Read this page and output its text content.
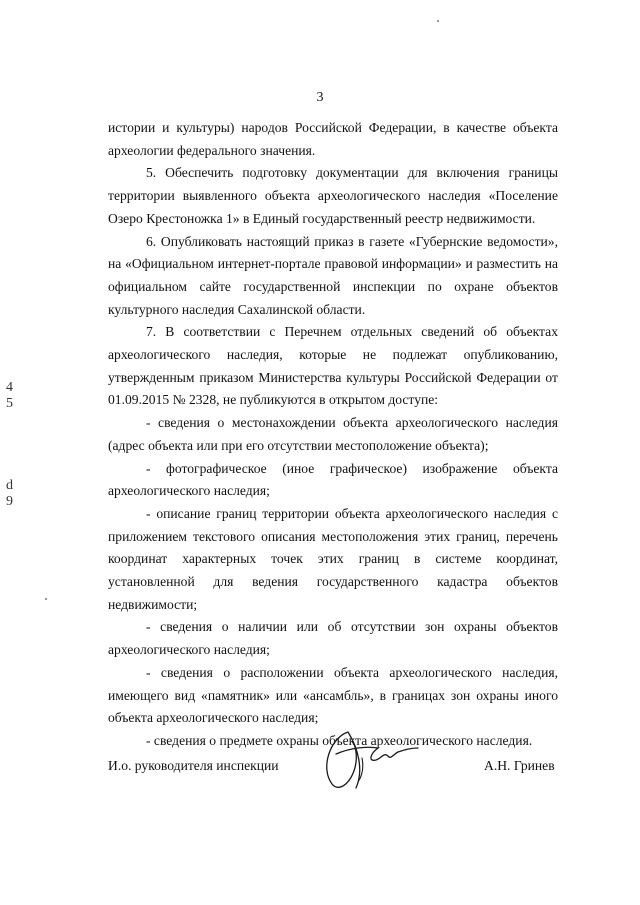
3

истории и культуры) народов Российской Федерации, в качестве объекта археологии федерального значения.

5. Обеспечить подготовку документации для включения границы территории выявленного объекта археологического наследия «Поселение Озеро Крестоножка 1» в Единый государственный реестр недвижимости.

6. Опубликовать настоящий приказ в газете «Губернские ведомости», на «Официальном интернет-портале правовой информации» и разместить на официальном сайте государственной инспекции по охране объектов культурного наследия Сахалинской области.

7. В соответствии с Перечнем отдельных сведений об объектах археологического наследия, которые не подлежат опубликованию, утвержденным приказом Министерства культуры Российской Федерации от 01.09.2015 № 2328, не публикуются в открытом доступе:

- сведения о местонахождении объекта археологического наследия (адрес объекта или при его отсутствии местоположение объекта);

- фотографическое (иное графическое) изображение объекта археологического наследия;

- описание границ территории объекта археологического наследия с приложением текстового описания местоположения этих границ, перечень координат характерных точек этих границ в системе координат, установленной для ведения государственного кадастра объектов недвижимости;

- сведения о наличии или об отсутствии зон охраны объектов археологического наследия;

- сведения о расположении объекта археологического наследия, имеющего вид «памятник» или «ансамбль», в границах зон охраны иного объекта археологического наследия;

- сведения о предмете охраны объекта археологического наследия.

И.о. руководителя инспекции	А.Н. Гринев
4 5
d 9
